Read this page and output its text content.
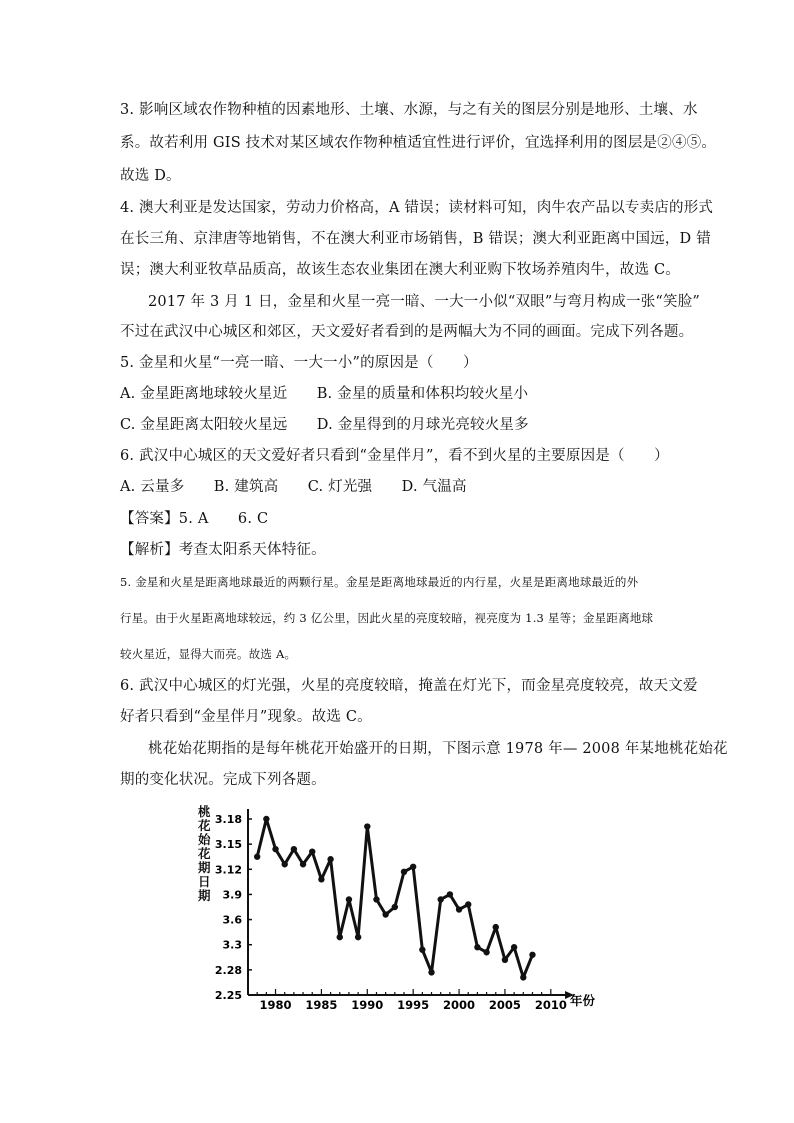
3. 影响区域农作物种植的因素地形、土壤、水源，与之有关的图层分别是地形、土壤、水
系。故若利用 GIS 技术对某区域农作物种植适宜性进行评价，宜选择利用的图层是②④⑤。
故选 D。
4. 澳大利亚是发达国家，劳动力价格高，A 错误；读材料可知，肉牛农产品以专卖店的形式
在长三角、京津唐等地销售，不在澳大利亚市场销售，B 错误；澳大利亚距离中国远，D 错
误；澳大利亚牧草品质高，故该生态农业集团在澳大利亚购下牧场养殖肉牛，故选 C。
2017 年 3 月 1 日，金星和火星一亮一暗、一大一小似“双眼”与弯月构成一张“笑脸”
不过在武汉中心城区和郊区，天文爱好者看到的是两幅大为不同的画面。完成下列各题。
5. 金星和火星“一亮一暗、一大一小”的原因是（　　）
A. 金星距离地球较火星近　　B. 金星的质量和体积均较火星小
C. 金星距离太阳较火星远　　D. 金星得到的月球光亮较火星多
6. 武汉中心城区的天文爱好者只看到“金星伴月”，看不到火星的主要原因是（　　）
A. 云量多　　B. 建筑高　　C. 灯光强　　D. 气温高
【答案】5. A　　6. C
【解析】考查太阳系天体特征。
5. 金星和火星是距离地球最近的两颗行星。金星是距离地球最近的内行星，火星是距离地球最近的外
行星。由于火星距离地球较远，约 3 亿公里，因此火星的亮度较暗，视亮度为 1.3 星等；金星距离地球
较火星近，显得大而亮。故选 A。
6. 武汉中心城区的灯光强，火星的亮度较暗，掩盖在灯光下，而金星亮度较亮，故天文爱
好者只看到“金星伴月”现象。故选 C。
桃花始花期指的是每年桃花开始盛开的日期，下图示意 1978 年— 2008 年某地桃花始花
期的变化状况。完成下列各题。
桃花始花期日期
3.18
3.15
3.12
3.9
3.6
3.3
2.28
2.25
1980 1985 1990 1995 2000 2005 2010 年份
